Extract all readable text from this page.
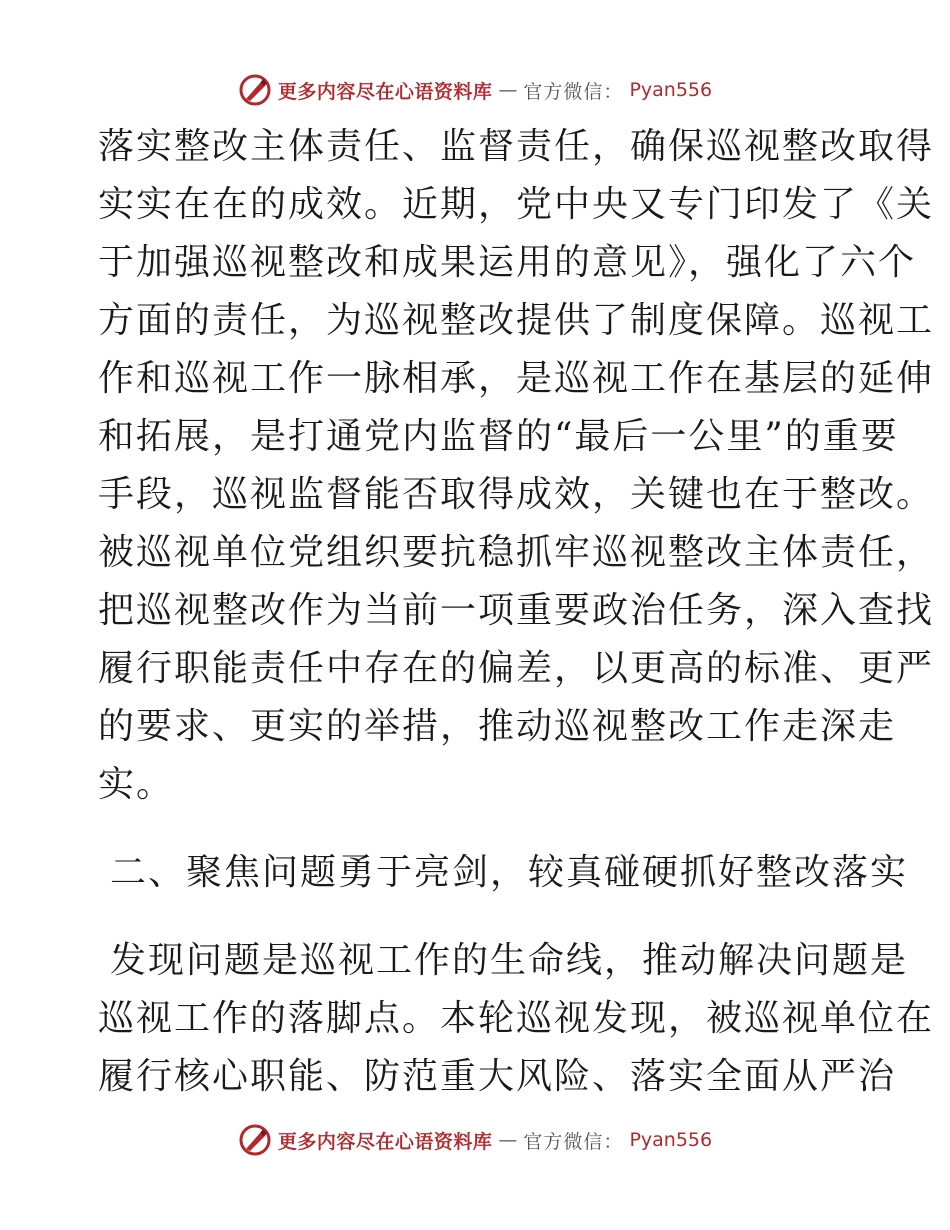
更多内容尽在心语资料库 — 官方微信： Pyan556
落实整改主体责任、监督责任，确保巡视整改取得
实实在在的成效。近期，党中央又专门印发了《关
于加强巡视整改和成果运用的意见》，强化了六个
方面的责任，为巡视整改提供了制度保障。巡视工
作和巡视工作一脉相承，是巡视工作在基层的延伸
和拓展，是打通党内监督的“最后一公里”的重要
手段，巡视监督能否取得成效，关键也在于整改。
被巡视单位党组织要抗稳抓牢巡视整改主体责任，
把巡视整改作为当前一项重要政治任务，深入查找
履行职能责任中存在的偏差，以更高的标准、更严
的要求、更实的举措，推动巡视整改工作走深走
实。
二、聚焦问题勇于亮剑，较真碰硬抓好整改落实
发现问题是巡视工作的生命线，推动解决问题是
巡视工作的落脚点。本轮巡视发现，被巡视单位在
履行核心职能、防范重大风险、落实全面从严治
更多内容尽在心语资料库 — 官方微信： Pyan556
